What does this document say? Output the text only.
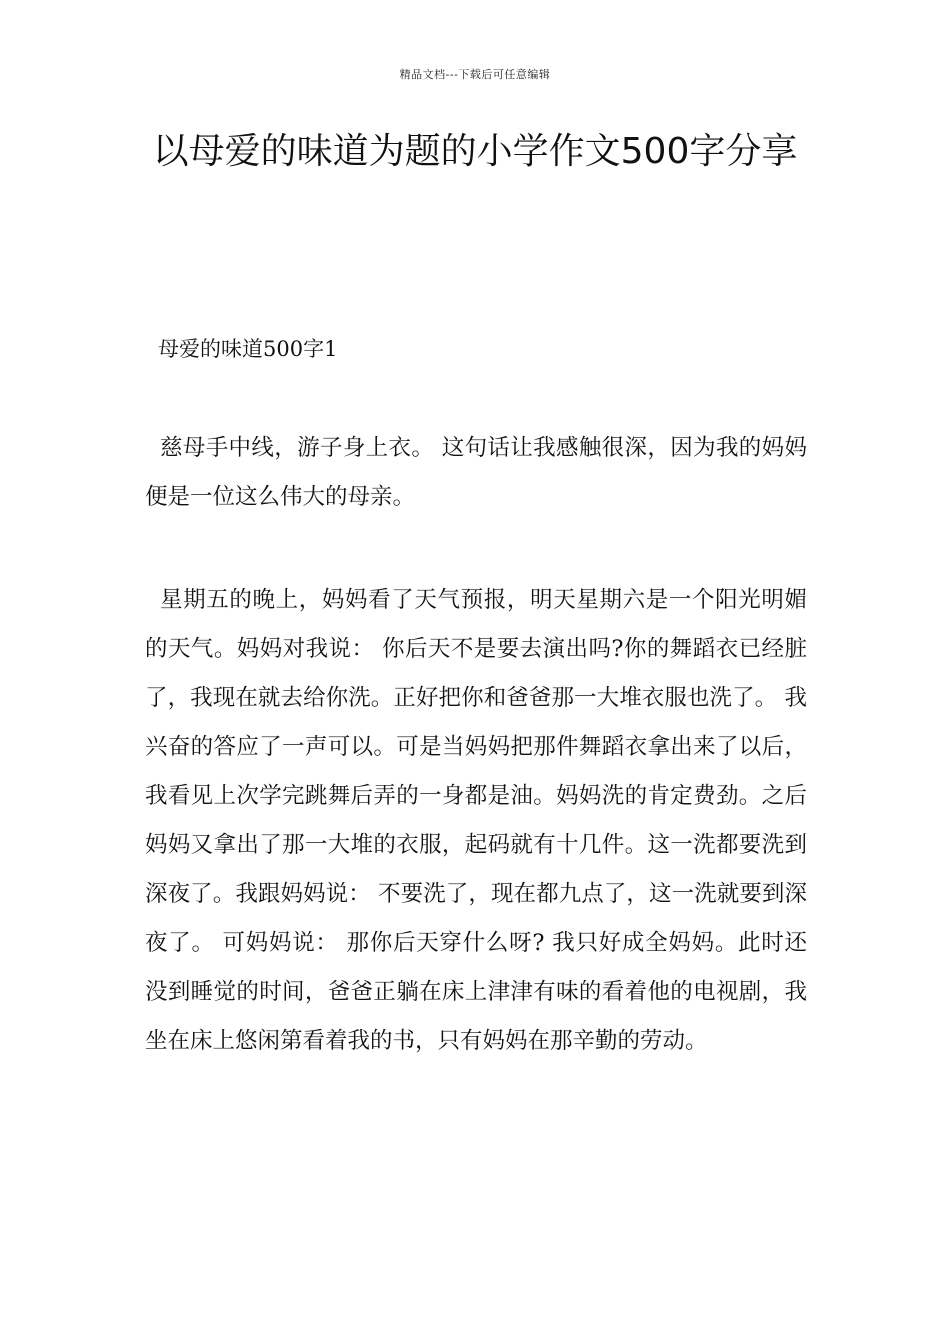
精品文档---下载后可任意编辑
以母爱的味道为题的小学作文500字分享

母爱的味道500字1

慈母手中线，游子身上衣。 这句话让我感触很深，因为我的妈妈便是一位这么伟大的母亲。

星期五的晚上，妈妈看了天气预报，明天星期六是一个阳光明媚的天气。妈妈对我说： 你后天不是要去演出吗?你的舞蹈衣已经脏了，我现在就去给你洗。正好把你和爸爸那一大堆衣服也洗了。 我兴奋的答应了一声可以。可是当妈妈把那件舞蹈衣拿出来了以后，我看见上次学完跳舞后弄的一身都是油。妈妈洗的肯定费劲。之后妈妈又拿出了那一大堆的衣服，起码就有十几件。这一洗都要洗到深夜了。我跟妈妈说： 不要洗了，现在都九点了，这一洗就要到深夜了。 可妈妈说： 那你后天穿什么呀? 我只好成全妈妈。此时还没到睡觉的时间，爸爸正躺在床上津津有味的看着他的电视剧，我坐在床上悠闲第看着我的书，只有妈妈在那辛勤的劳动。
